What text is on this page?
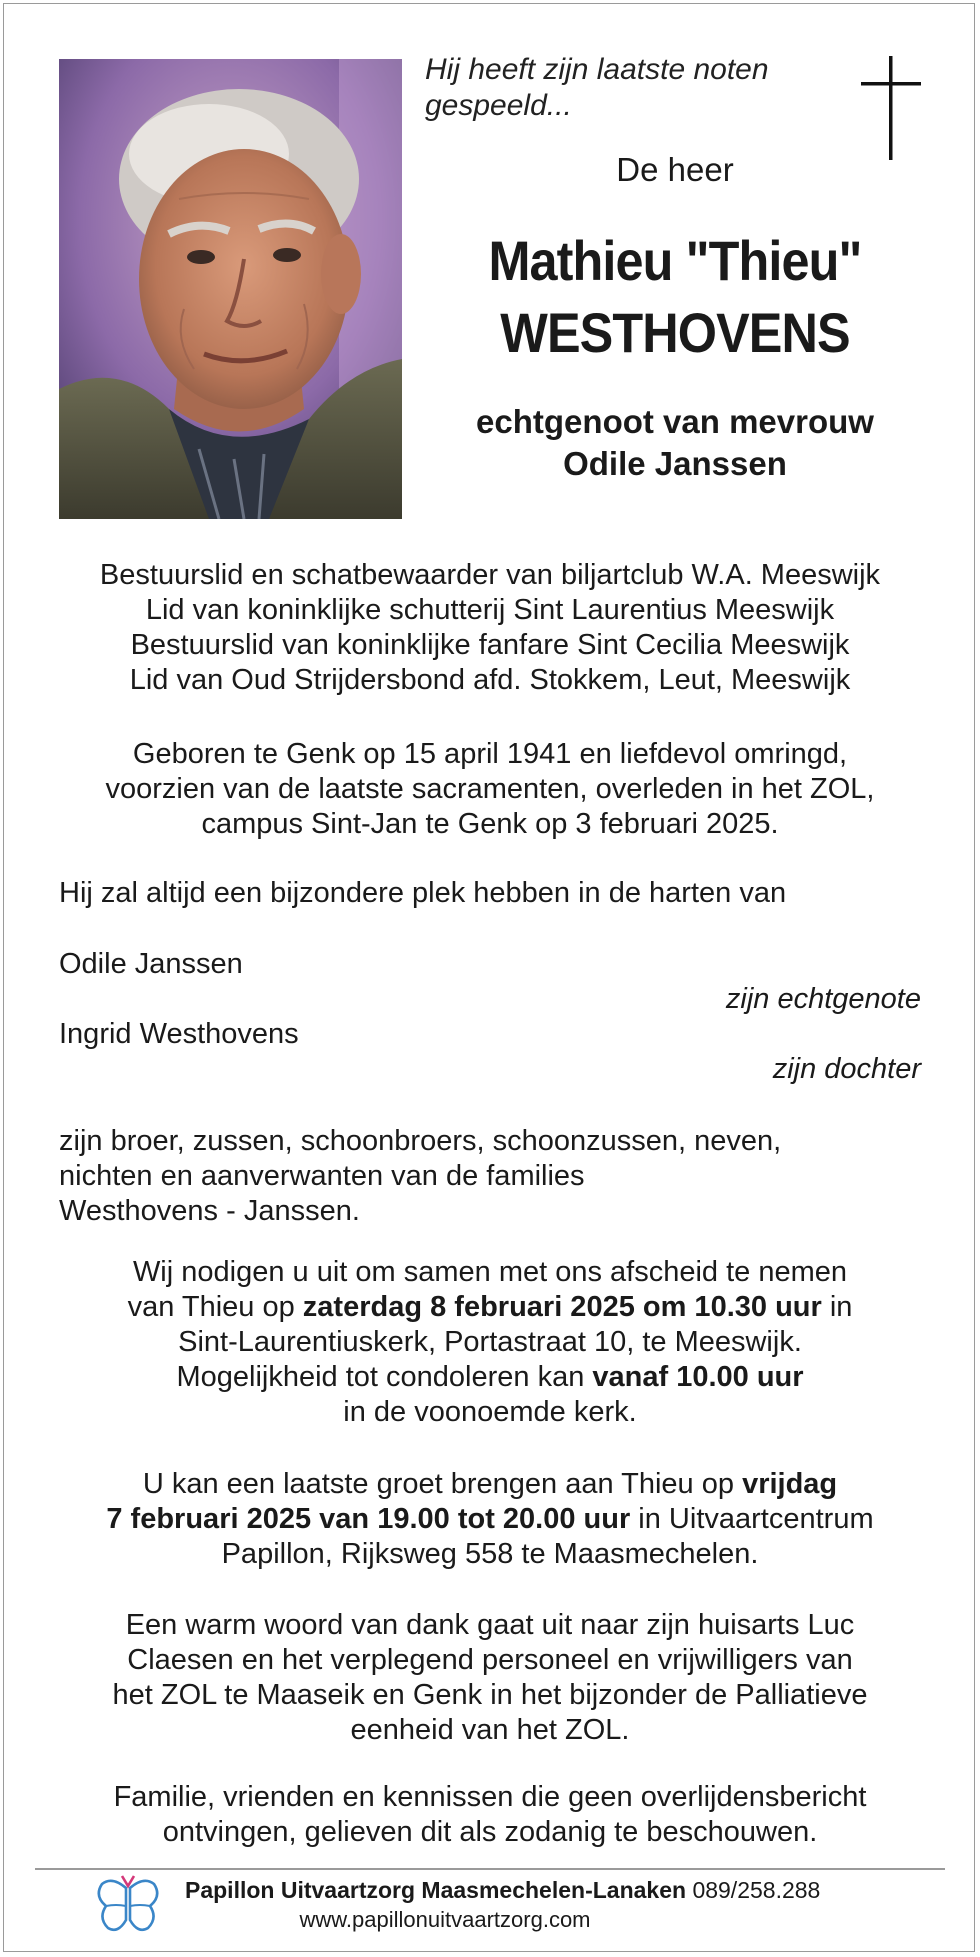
Hij heeft zijn laatste noten
gespeeld...
De heer
Mathieu "Thieu"
WESTHOVENS
echtgenoot van mevrouw
Odile Janssen
Bestuurslid en schatbewaarder van biljartclub W.A. Meeswijk
Lid van koninklijke schutterij Sint Laurentius Meeswijk
Bestuurslid van koninklijke fanfare Sint Cecilia Meeswijk
Lid van Oud Strijdersbond afd. Stokkem, Leut, Meeswijk
Geboren te Genk op 15 april 1941 en liefdevol omringd,
voorzien van de laatste sacramenten, overleden in het ZOL,
campus Sint-Jan te Genk op 3 februari 2025.
Hij zal altijd een bijzondere plek hebben in de harten van
Odile Janssen
zijn echtgenote
Ingrid Westhovens
zijn dochter
zijn broer, zussen, schoonbroers, schoonzussen, neven,
nichten en aanverwanten van de families
Westhovens - Janssen.
Wij nodigen u uit om samen met ons afscheid te nemen
van Thieu op zaterdag 8 februari 2025 om 10.30 uur in
Sint-Laurentiuskerk, Portastraat 10, te Meeswijk.
Mogelijkheid tot condoleren kan vanaf 10.00 uur
in de voonoemde kerk.
U kan een laatste groet brengen aan Thieu op vrijdag
7 februari 2025 van 19.00 tot 20.00 uur in Uitvaartcentrum
Papillon, Rijksweg 558 te Maasmechelen.
Een warm woord van dank gaat uit naar zijn huisarts Luc
Claesen en het verplegend personeel en vrijwilligers van
het ZOL te Maaseik en Genk in het bijzonder de Palliatieve
eenheid van het ZOL.
Familie, vrienden en kennissen die geen overlijdensbericht
ontvingen, gelieven dit als zodanig te beschouwen.
Papillon Uitvaartzorg Maasmechelen-Lanaken 089/258.288
www.papillonuitvaartzorg.com
